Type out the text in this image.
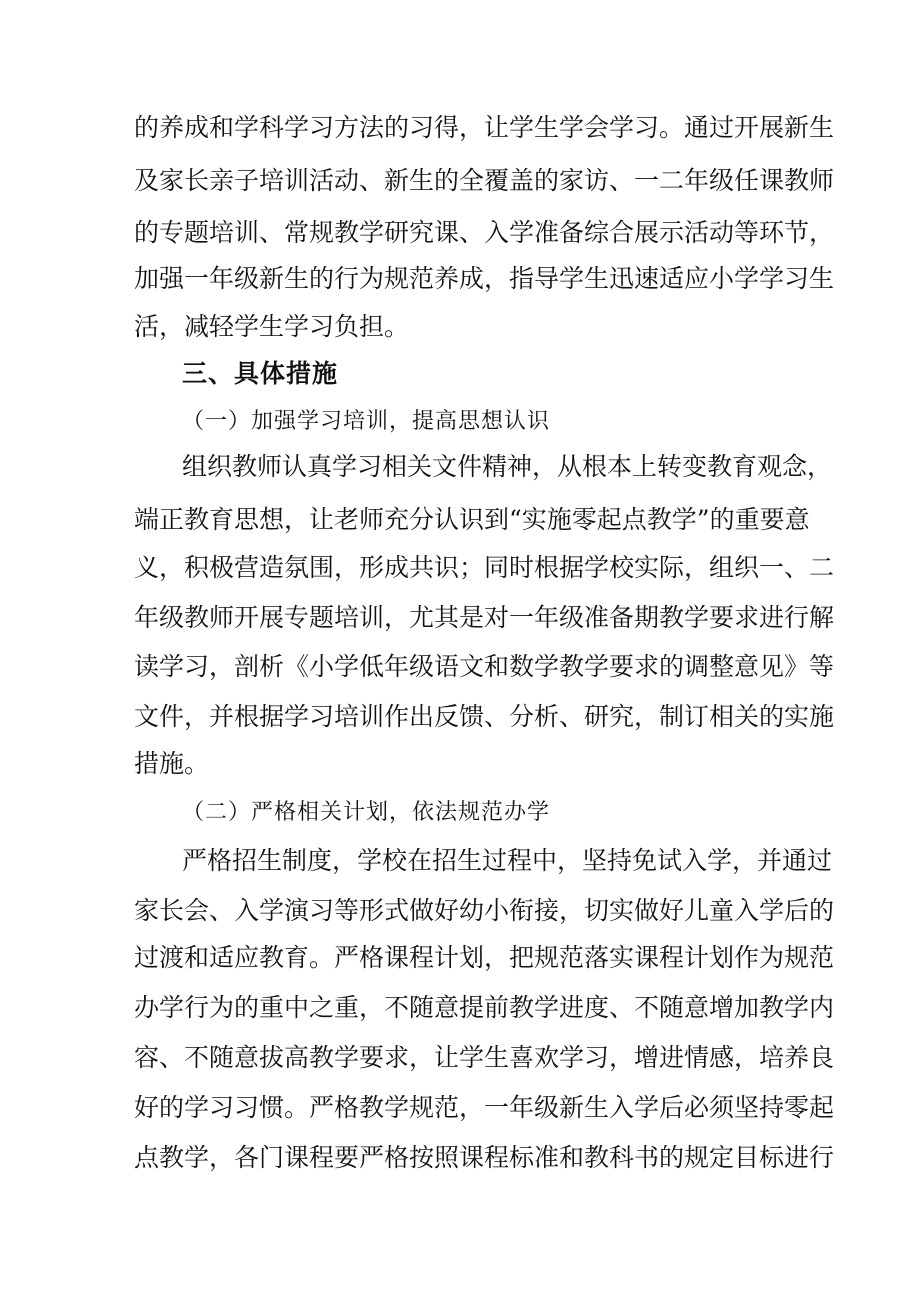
的养成和学科学习方法的习得，让学生学会学习。通过开展新生
及家长亲子培训活动、新生的全覆盖的家访、一二年级任课教师
的专题培训、常规教学研究课、入学准备综合展示活动等环节，
加强一年级新生的行为规范养成，指导学生迅速适应小学学习生
活，减轻学生学习负担。
三、具体措施
（一）加强学习培训，提高思想认识
组织教师认真学习相关文件精神，从根本上转变教育观念，
端正教育思想，让老师充分认识到“实施零起点教学”的重要意
义，积极营造氛围，形成共识；同时根据学校实际，组织一、二
年级教师开展专题培训，尤其是对一年级准备期教学要求进行解
读学习，剖析《小学低年级语文和数学教学要求的调整意见》等
文件，并根据学习培训作出反馈、分析、研究，制订相关的实施
措施。
（二）严格相关计划，依法规范办学
严格招生制度，学校在招生过程中，坚持免试入学，并通过
家长会、入学演习等形式做好幼小衔接，切实做好儿童入学后的
过渡和适应教育。严格课程计划，把规范落实课程计划作为规范
办学行为的重中之重，不随意提前教学进度、不随意增加教学内
容、不随意拔高教学要求，让学生喜欢学习，增进情感，培养良
好的学习习惯。严格教学规范，一年级新生入学后必须坚持零起
点教学，各门课程要严格按照课程标准和教科书的规定目标进行
